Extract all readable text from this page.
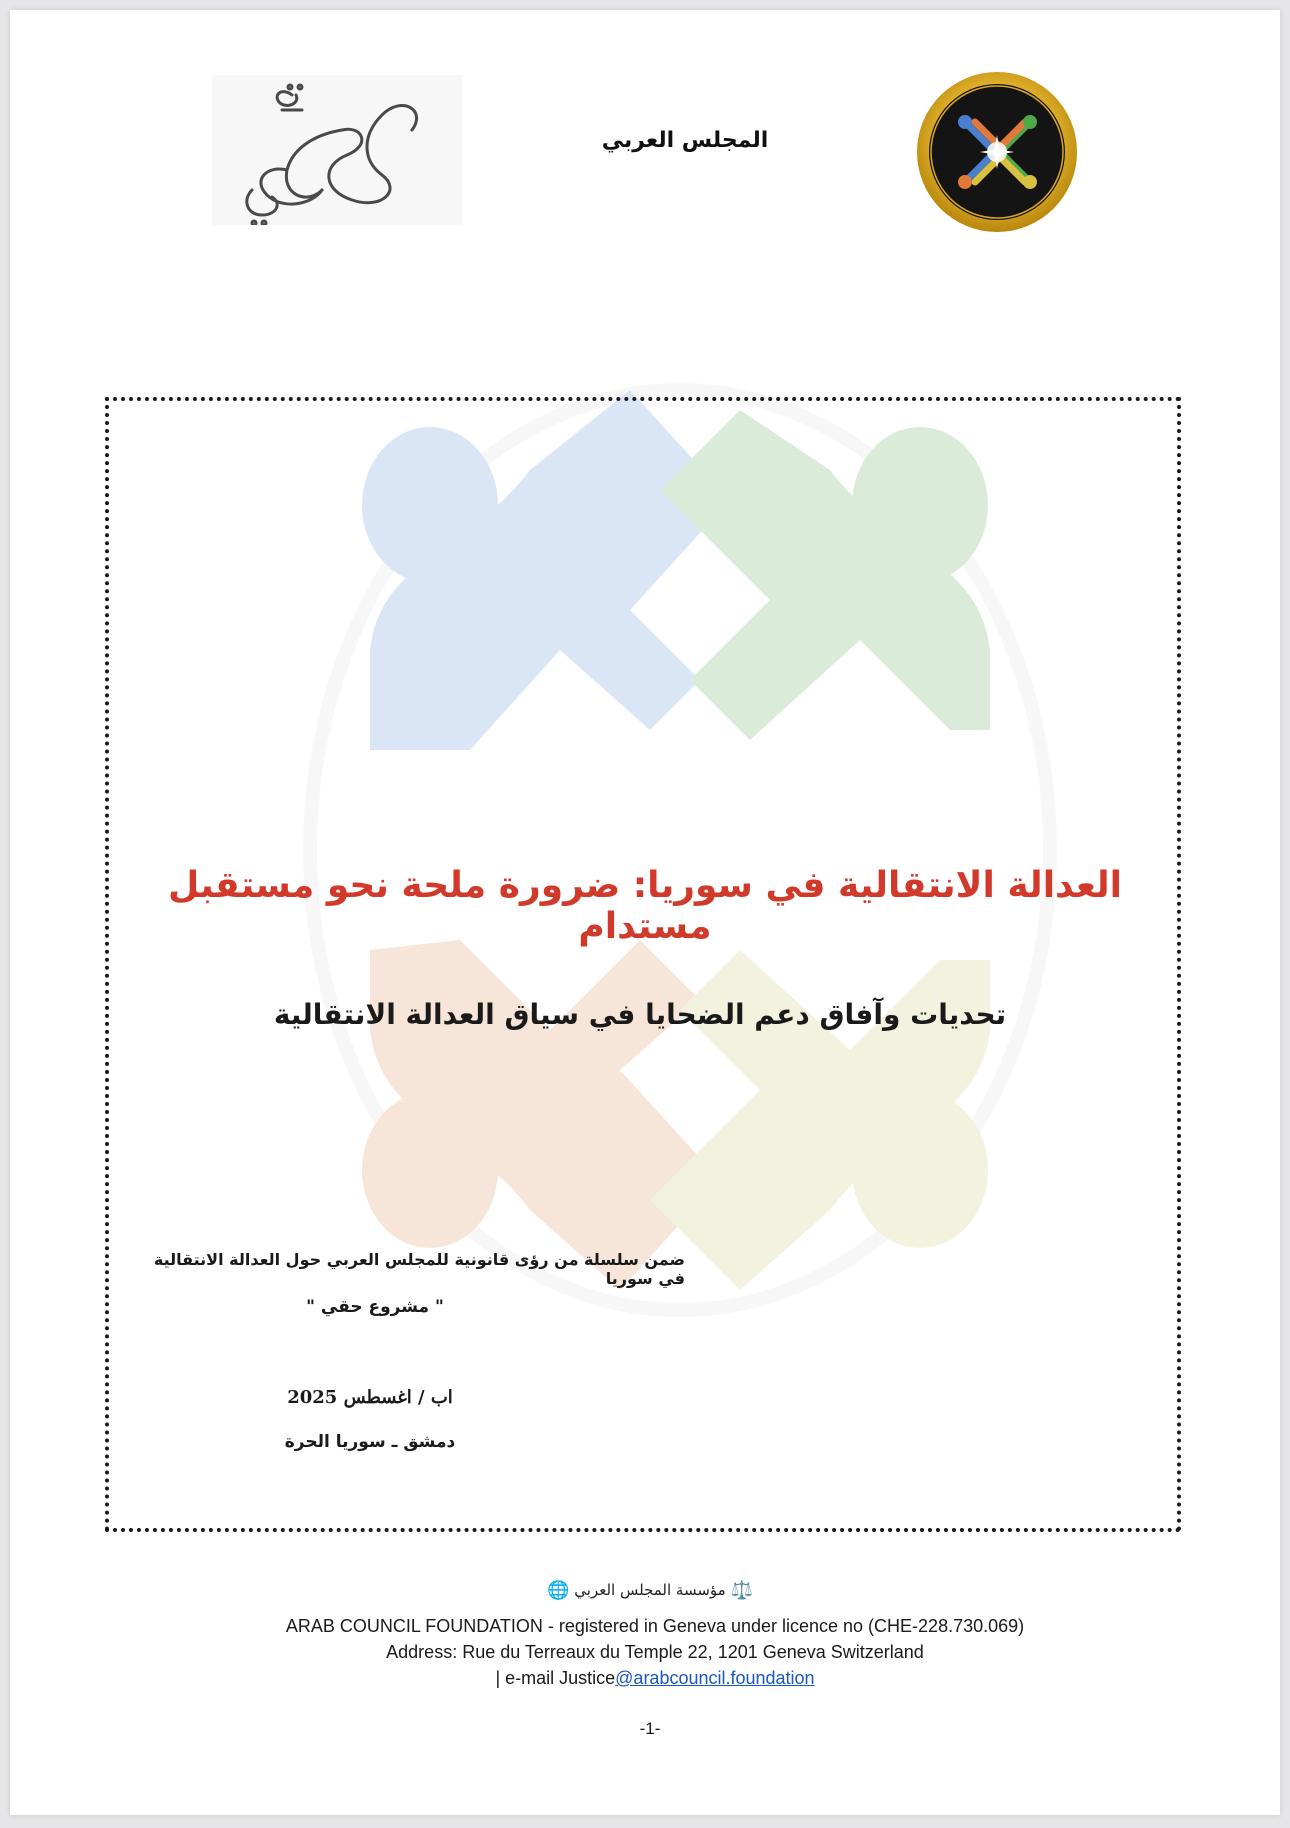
المجلس العربي
العدالة الانتقالية في سوريا: ضرورة ملحة نحو مستقبل مستدام
تحديات وآفاق دعم الضحايا في سياق العدالة الانتقالية
ضمن سلسلة من رؤى قانونية للمجلس العربي حول العدالة الانتقالية في سوريا
" مشروع حقي "
اب / اغسطس 2025
دمشق ـ سوريا الحرة
⚖️ مؤسسة المجلس العربي 🌐
ARAB COUNCIL FOUNDATION - registered in Geneva under licence no (CHE-228.730.069)
Address: Rue du Terreaux du Temple 22, 1201 Geneva Switzerland
| e-mail Justice@arabcouncil.foundation
-1-
